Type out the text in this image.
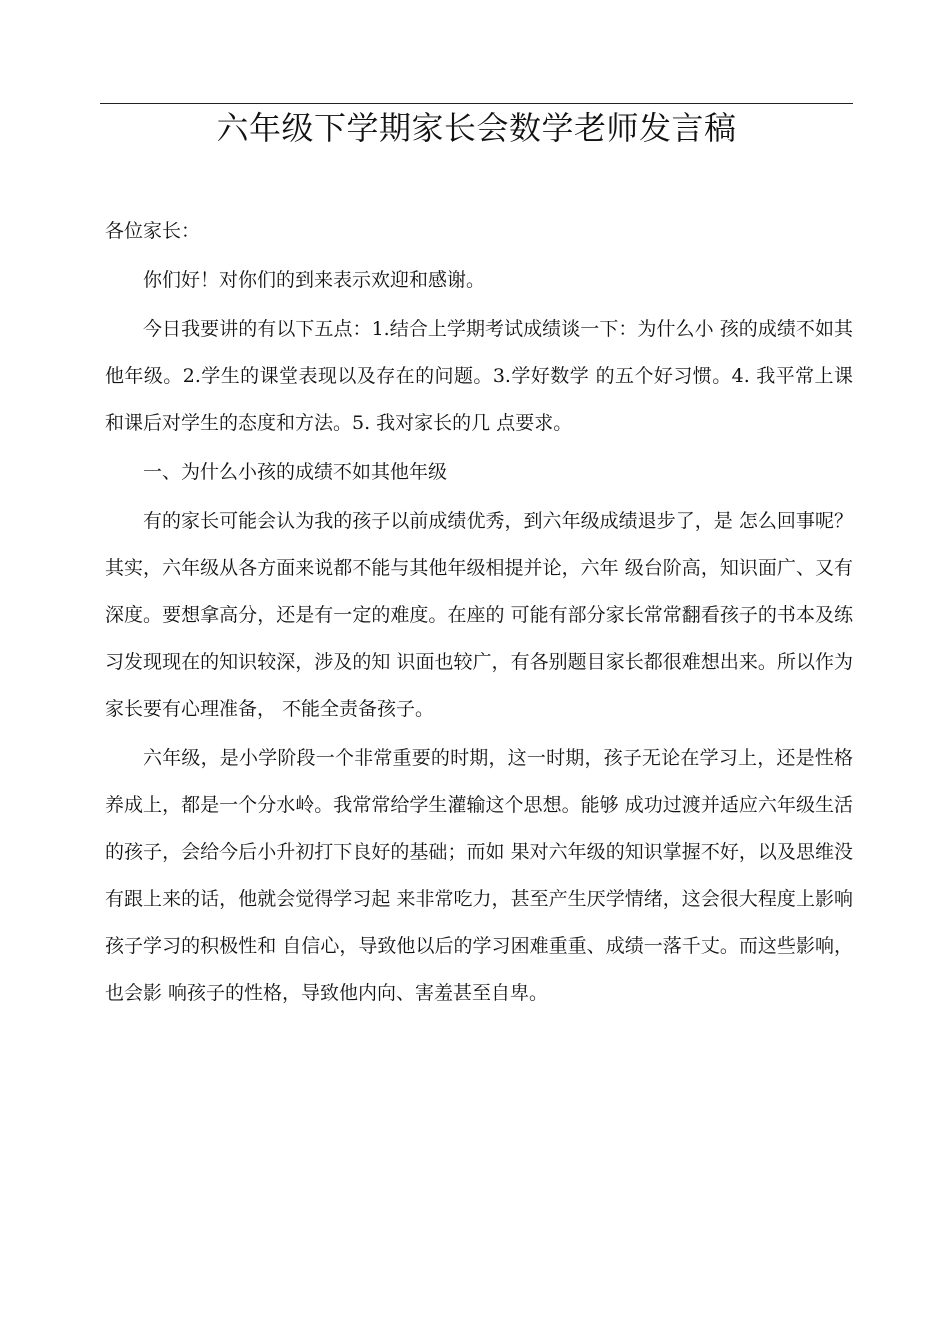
六年级下学期家长会数学老师发言稿

各位家长：

你们好！对你们的到来表示欢迎和感谢。

今日我要讲的有以下五点：1.结合上学期考试成绩谈一下：为什么小 孩的成绩不如其他年级。2.学生的课堂表现以及存在的问题。3.学好数学 的五个好习惯。4. 我平常上课和课后对学生的态度和方法。5. 我对家长的几 点要求。

一、为什么小孩的成绩不如其他年级

有的家长可能会认为我的孩子以前成绩优秀，到六年级成绩退步了，是 怎么回事呢？其实，六年级从各方面来说都不能与其他年级相提并论，六年 级台阶高，知识面广、又有深度。要想拿高分，还是有一定的难度。在座的 可能有部分家长常常翻看孩子的书本及练习发现现在的知识较深，涉及的知 识面也较广，有各别题目家长都很难想出来。所以作为家长要有心理准备， 不能全责备孩子。

六年级，是小学阶段一个非常重要的时期，这一时期，孩子无论在学习上，还是性格养成上，都是一个分水岭。我常常给学生灌输这个思想。能够 成功过渡并适应六年级生活的孩子，会给今后小升初打下良好的基础；而如 果对六年级的知识掌握不好，以及思维没有跟上来的话，他就会觉得学习起 来非常吃力，甚至产生厌学情绪，这会很大程度上影响孩子学习的积极性和 自信心，导致他以后的学习困难重重、成绩一落千丈。而这些影响，也会影 响孩子的性格，导致他内向、害羞甚至自卑。
